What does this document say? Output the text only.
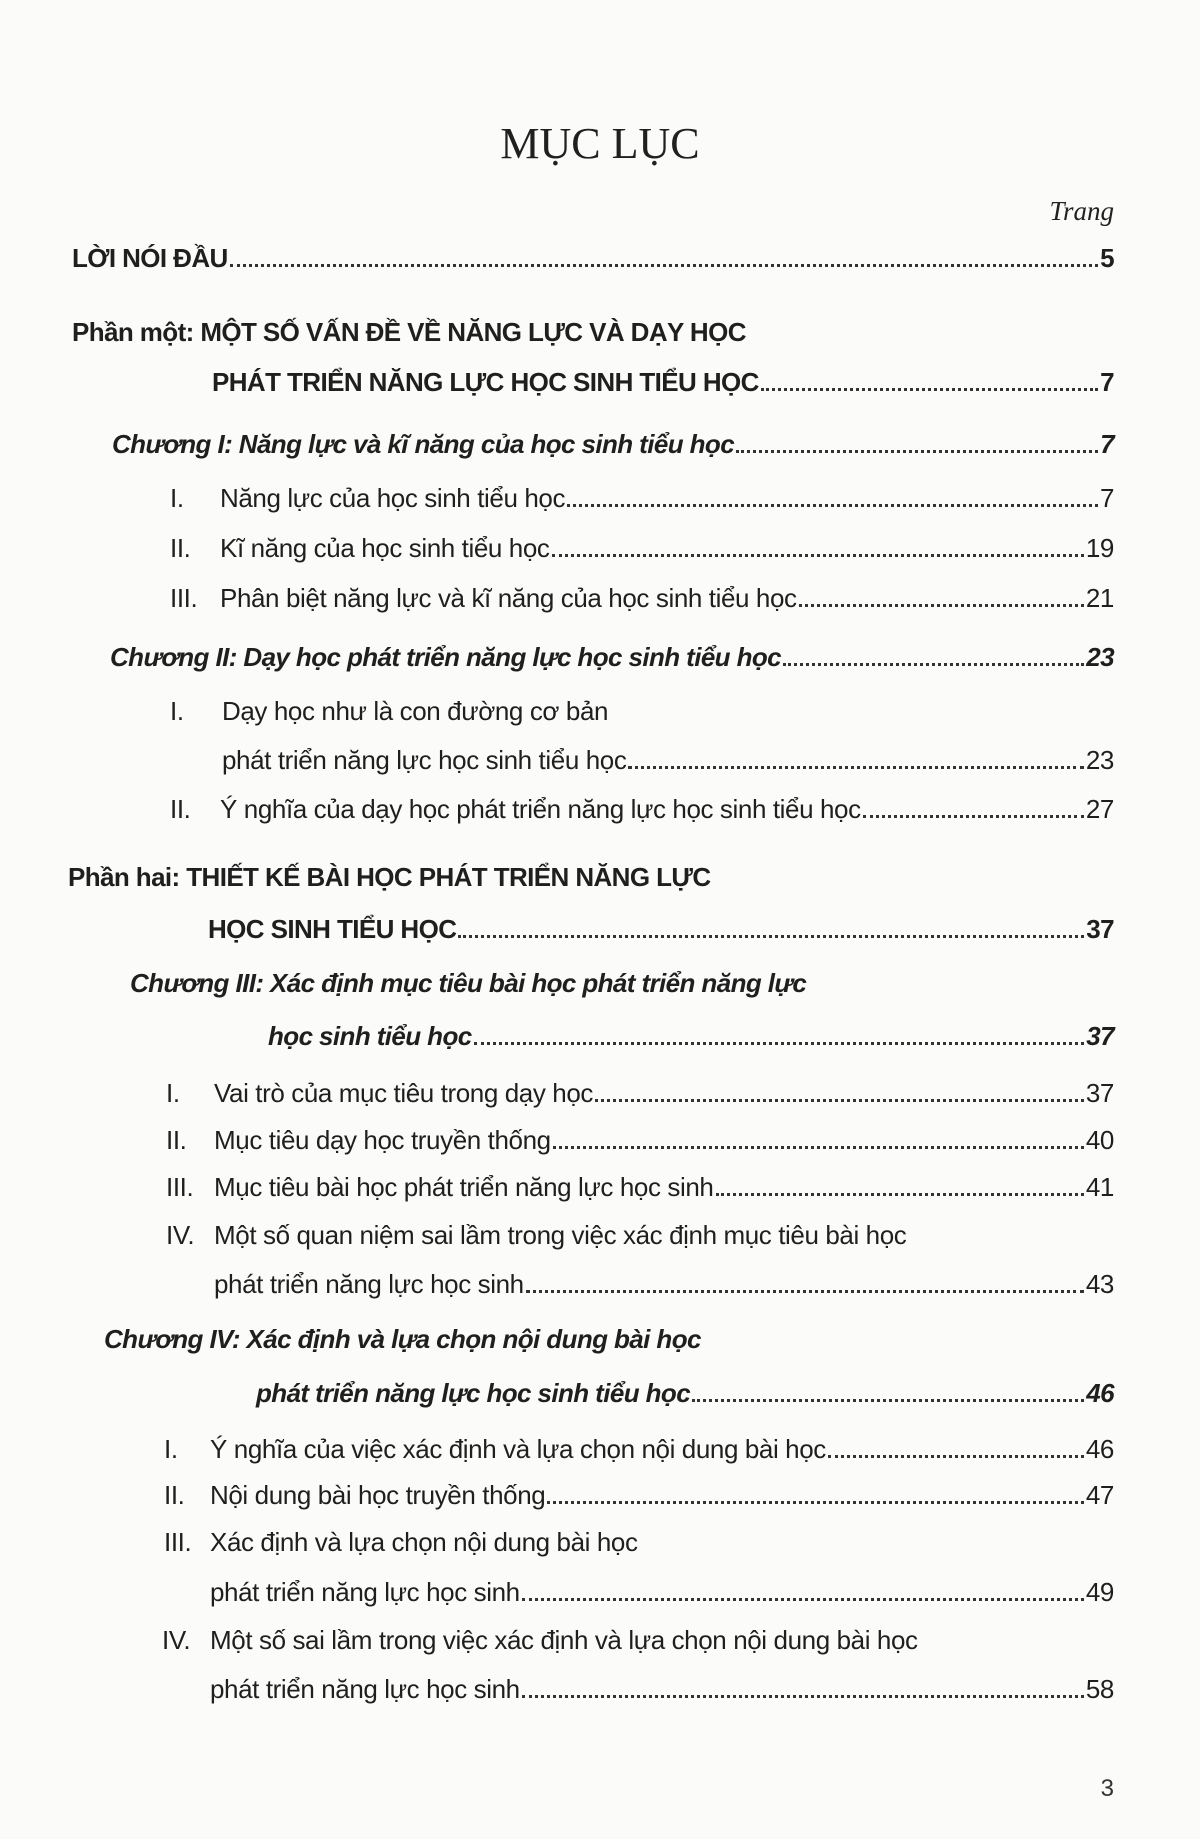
MỤC LỤC
Trang
LỜI NÓI ĐẦU	5
Phần một: MỘT SỐ VẤN ĐỀ VỀ NĂNG LỰC VÀ DẠY HỌC
PHÁT TRIỂN NĂNG LỰC HỌC SINH TIỂU HỌC	7
Chương I: Năng lực và kĩ năng của học sinh tiểu học	7
I. Năng lực của học sinh tiểu học	7
II. Kĩ năng của học sinh tiểu học	19
III. Phân biệt năng lực và kĩ năng của học sinh tiểu học	21
Chương II: Dạy học phát triển năng lực học sinh tiểu học	23
I. Dạy học như là con đường cơ bản
phát triển năng lực học sinh tiểu học	23
II. Ý nghĩa của dạy học phát triển năng lực học sinh tiểu học	27
Phần hai: THIẾT KẾ BÀI HỌC PHÁT TRIỂN NĂNG LỰC
HỌC SINH TIỂU HỌC	37
Chương III: Xác định mục tiêu bài học phát triển năng lực
học sinh tiểu học	37
I. Vai trò của mục tiêu trong dạy học	37
II. Mục tiêu dạy học truyền thống	40
III. Mục tiêu bài học phát triển năng lực học sinh	41
IV. Một số quan niệm sai lầm trong việc xác định mục tiêu bài học
phát triển năng lực học sinh	43
Chương IV: Xác định và lựa chọn nội dung bài học
phát triển năng lực học sinh tiểu học	46
I. Ý nghĩa của việc xác định và lựa chọn nội dung bài học	46
II. Nội dung bài học truyền thống	47
III. Xác định và lựa chọn nội dung bài học
phát triển năng lực học sinh	49
IV. Một số sai lầm trong việc xác định và lựa chọn nội dung bài học
phát triển năng lực học sinh	58
3
